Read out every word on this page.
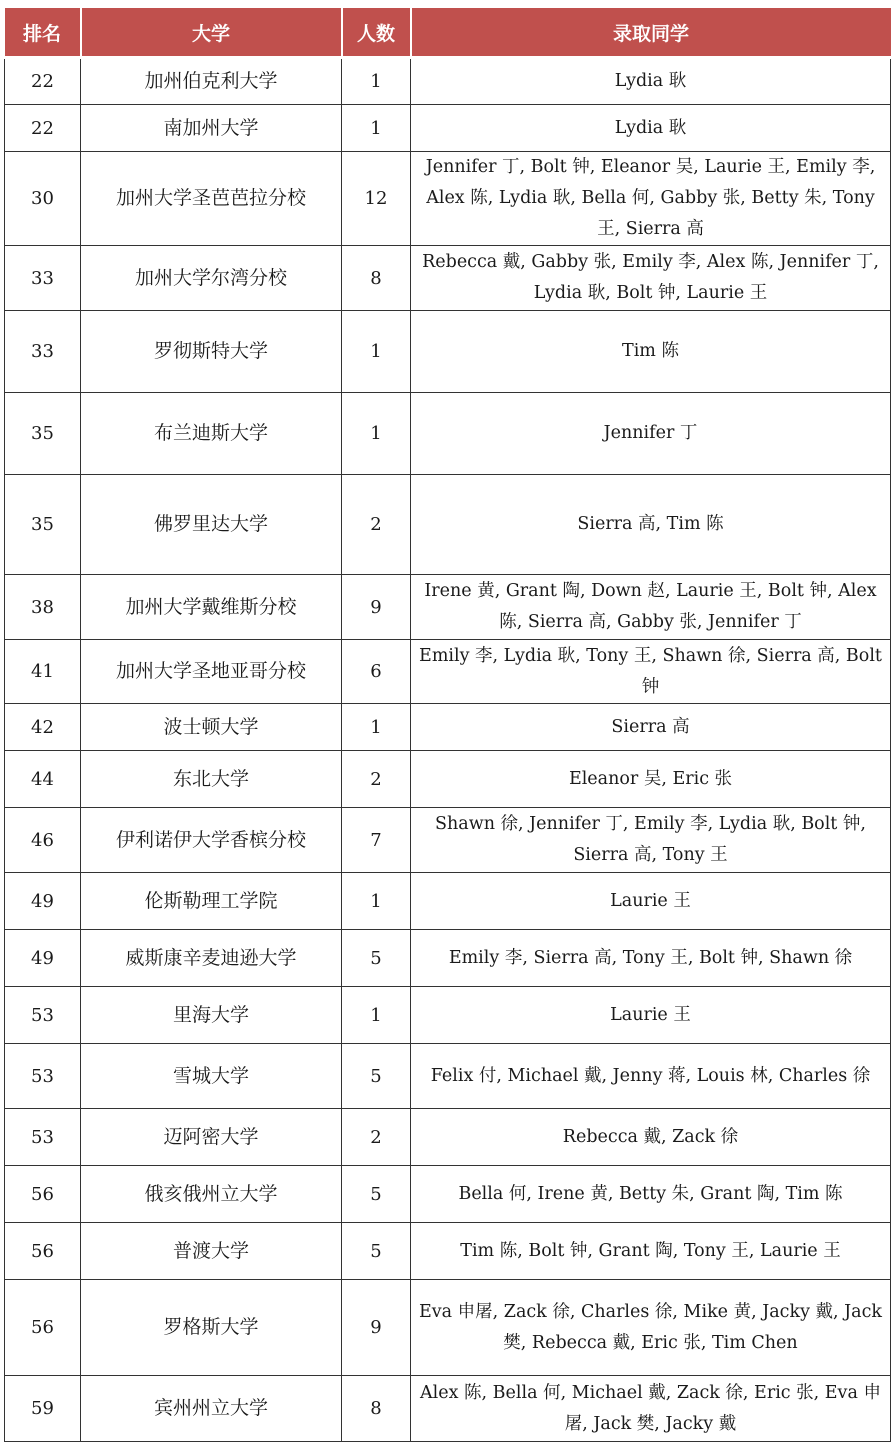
排名	大学	人数	录取同学
22	加州伯克利大学	1	Lydia 耿
22	南加州大学	1	Lydia 耿
30	加州大学圣芭芭拉分校	12	Jennifer 丁, Bolt 钟, Eleanor 吴, Laurie 王, Emily 李, Alex 陈, Lydia 耿, Bella 何, Gabby 张, Betty 朱, Tony 王, Sierra 高
33	加州大学尔湾分校	8	Rebecca 戴, Gabby 张, Emily 李, Alex 陈, Jennifer 丁, Lydia 耿, Bolt 钟, Laurie 王
33	罗彻斯特大学	1	Tim 陈
35	布兰迪斯大学	1	Jennifer 丁
35	佛罗里达大学	2	Sierra 高, Tim 陈
38	加州大学戴维斯分校	9	Irene 黄, Grant 陶, Down 赵, Laurie 王, Bolt 钟, Alex 陈, Sierra 高, Gabby 张, Jennifer 丁
41	加州大学圣地亚哥分校	6	Emily 李, Lydia 耿, Tony 王, Shawn 徐, Sierra 高, Bolt 钟
42	波士顿大学	1	Sierra 高
44	东北大学	2	Eleanor 吴, Eric 张
46	伊利诺伊大学香槟分校	7	Shawn 徐, Jennifer 丁, Emily 李, Lydia 耿, Bolt 钟, Sierra 高, Tony 王
49	伦斯勒理工学院	1	Laurie 王
49	威斯康辛麦迪逊大学	5	Emily 李, Sierra 高, Tony 王, Bolt 钟, Shawn 徐
53	里海大学	1	Laurie 王
53	雪城大学	5	Felix 付, Michael 戴, Jenny 蒋, Louis 林, Charles 徐
53	迈阿密大学	2	Rebecca 戴, Zack 徐
56	俄亥俄州立大学	5	Bella 何, Irene 黄, Betty 朱, Grant 陶, Tim 陈
56	普渡大学	5	Tim 陈, Bolt 钟, Grant 陶, Tony 王, Laurie 王
56	罗格斯大学	9	Eva 申屠, Zack 徐, Charles 徐, Mike 黄, Jacky 戴, Jack 樊, Rebecca 戴, Eric 张, Tim Chen
59	宾州州立大学	8	Alex 陈, Bella 何, Michael 戴, Zack 徐, Eric 张, Eva 申屠, Jack 樊, Jacky 戴
